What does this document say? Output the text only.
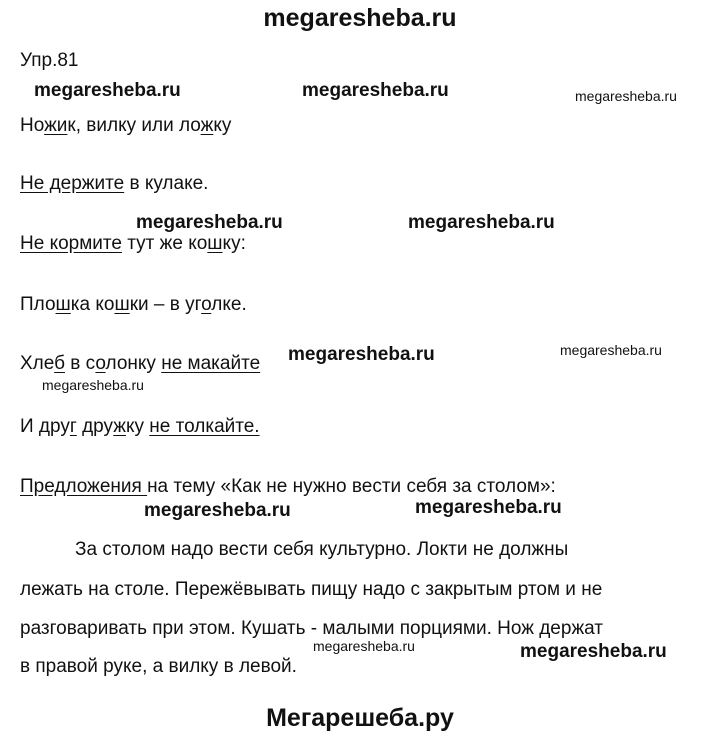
megaresheba.ru
Упр.81
megaresheba.ru	megaresheba.ru	megaresheba.ru
Ножик, вилку или ложку
Не держите в кулаке.
megaresheba.ru	megaresheba.ru
Не кормите тут же кошку:
Плошка кошки – в уголке.
megaresheba.ru	megaresheba.ru
Хлеб в солонку не макайте
megaresheba.ru
И друг дружку не толкайте.
Предложения на тему «Как не нужно вести себя за столом»:
megaresheba.ru	megaresheba.ru
За столом надо вести себя культурно. Локти не должны
лежать на столе. Пережёвывать пищу надо с закрытым ртом и не
разговаривать при этом. Кушать - малыми порциями. Нож держат
megaresheba.ru	megaresheba.ru
в правой руке, а вилку в левой.
Мегарешеба.ру
